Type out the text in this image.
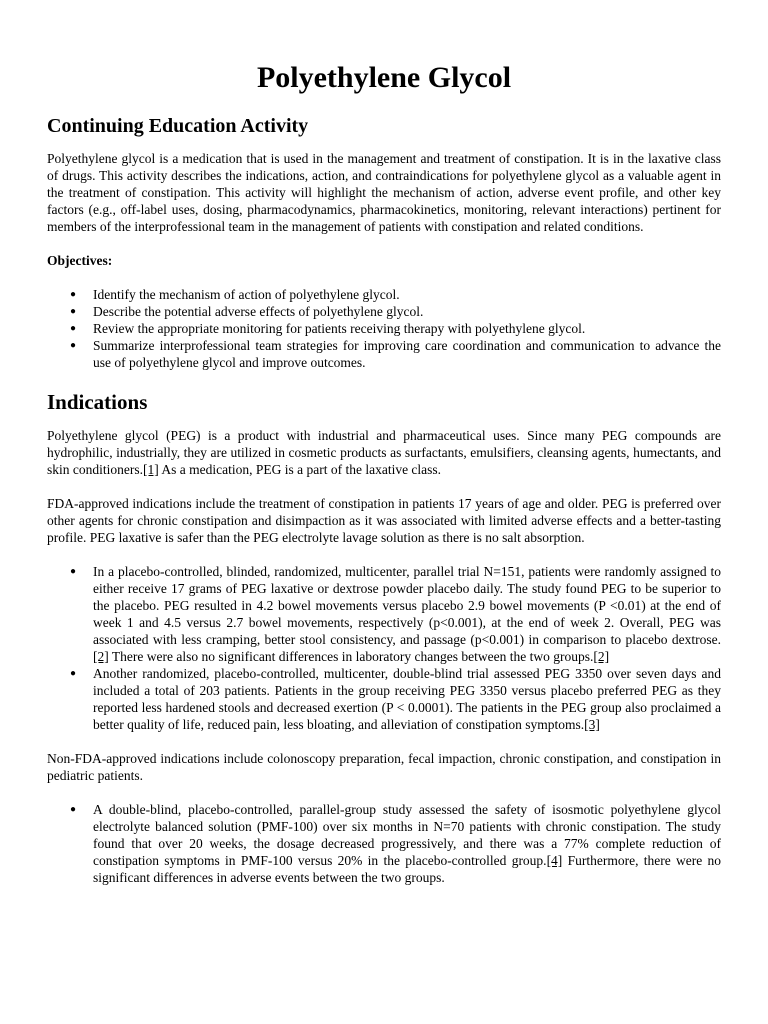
Polyethylene Glycol
Continuing Education Activity

Polyethylene glycol is a medication that is used in the management and treatment of constipation. It is in the laxative class of drugs. This activity describes the indications, action, and contraindications for polyethylene glycol as a valuable agent in the treatment of constipation. This activity will highlight the mechanism of action, adverse event profile, and other key factors (e.g., off-label uses, dosing, pharmacodynamics, pharmacokinetics, monitoring, relevant interactions) pertinent for members of the interprofessional team in the management of patients with constipation and related conditions.

Objectives:

● Identify the mechanism of action of polyethylene glycol.
● Describe the potential adverse effects of polyethylene glycol.
● Review the appropriate monitoring for patients receiving therapy with polyethylene glycol.
● Summarize interprofessional team strategies for improving care coordination and communication to advance the use of polyethylene glycol and improve outcomes.
Indications

Polyethylene glycol (PEG) is a product with industrial and pharmaceutical uses. Since many PEG compounds are hydrophilic, industrially, they are utilized in cosmetic products as surfactants, emulsifiers, cleansing agents, humectants, and skin conditioners.[1] As a medication, PEG is a part of the laxative class.

FDA-approved indications include the treatment of constipation in patients 17 years of age and older. PEG is preferred over other agents for chronic constipation and disimpaction as it was associated with limited adverse effects and a better-tasting profile. PEG laxative is safer than the PEG electrolyte lavage solution as there is no salt absorption.

● In a placebo-controlled, blinded, randomized, multicenter, parallel trial N=151, patients were randomly assigned to either receive 17 grams of PEG laxative or dextrose powder placebo daily. The study found PEG to be superior to the placebo. PEG resulted in 4.2 bowel movements versus placebo 2.9 bowel movements (P <0.01) at the end of week 1 and 4.5 versus 2.7 bowel movements, respectively (p<0.001), at the end of week 2. Overall, PEG was associated with less cramping, better stool consistency, and passage (p<0.001) in comparison to placebo dextrose.[2] There were also no significant differences in laboratory changes between the two groups.[2]
● Another randomized, placebo-controlled, multicenter, double-blind trial assessed PEG 3350 over seven days and included a total of 203 patients. Patients in the group receiving PEG 3350 versus placebo preferred PEG as they reported less hardened stools and decreased exertion (P < 0.0001). The patients in the PEG group also proclaimed a better quality of life, reduced pain, less bloating, and alleviation of constipation symptoms.[3]

Non-FDA-approved indications include colonoscopy preparation, fecal impaction, chronic constipation, and constipation in pediatric patients.

● A double-blind, placebo-controlled, parallel-group study assessed the safety of isosmotic polyethylene glycol electrolyte balanced solution (PMF-100) over six months in N=70 patients with chronic constipation. The study found that over 20 weeks, the dosage decreased progressively, and there was a 77% complete reduction of constipation symptoms in PMF-100 versus 20% in the placebo-controlled group.[4] Furthermore, there were no significant differences in adverse events between the two groups.
